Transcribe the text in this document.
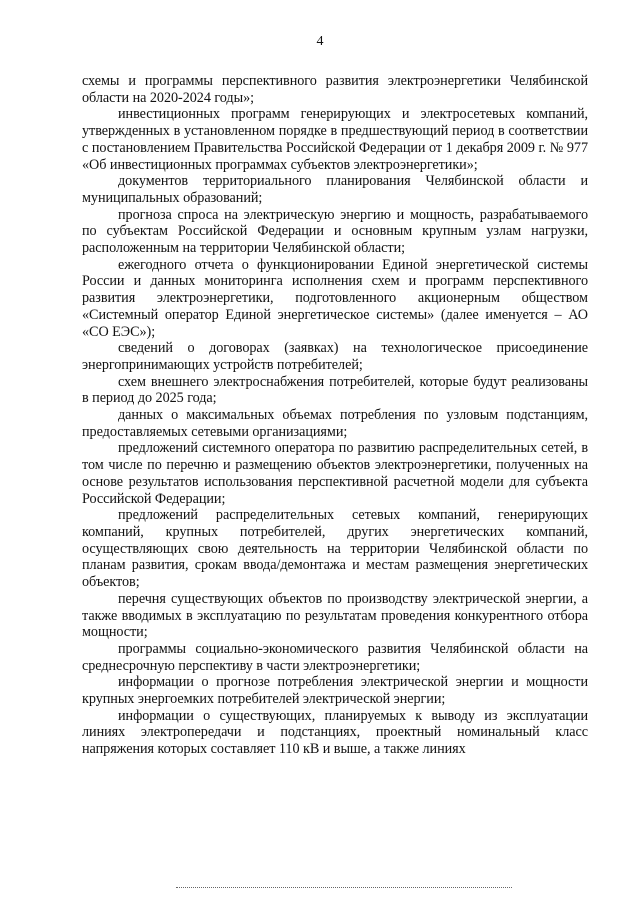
4

схемы и программы перспективного развития электроэнергетики Челябинской области на 2020-2024 годы»;

инвестиционных программ генерирующих и электросетевых компаний, утвержденных в установленном порядке в предшествующий период в соответствии с постановлением Правительства Российской Федерации от 1 декабря 2009 г. № 977 «Об инвестиционных программах субъектов электроэнергетики»;

документов территориального планирования Челябинской области и муниципальных образований;

прогноза спроса на электрическую энергию и мощность, разрабатываемого по субъектам Российской Федерации и основным крупным узлам нагрузки, расположенным на территории Челябинской области;

ежегодного отчета о функционировании Единой энергетической системы России и данных мониторинга исполнения схем и программ перспективного развития электроэнергетики, подготовленного акционерным обществом «Системный оператор Единой энергетическое системы» (далее именуется – АО «СО ЕЭС»);

сведений о договорах (заявках) на технологическое присоединение энергопринимающих устройств потребителей;

схем внешнего электроснабжения потребителей, которые будут реализованы в период до 2025 года;

данных о максимальных объемах потребления по узловым подстанциям, предоставляемых сетевыми организациями;

предложений системного оператора по развитию распределительных сетей, в том числе по перечню и размещению объектов электроэнергетики, полученных на основе результатов использования перспективной расчетной модели для субъекта Российской Федерации;

предложений распределительных сетевых компаний, генерирующих компаний, крупных потребителей, других энергетических компаний, осуществляющих свою деятельность на территории Челябинской области по планам развития, срокам ввода/демонтажа и местам размещения энергетических объектов;

перечня существующих объектов по производству электрической энергии, а также вводимых в эксплуатацию по результатам проведения конкурентного отбора мощности;

программы социально-экономического развития Челябинской области на среднесрочную перспективу в части электроэнергетики;

информации о прогнозе потребления электрической энергии и мощности крупных энергоемких потребителей электрической энергии;

информации о существующих, планируемых к выводу из эксплуатации линиях электропередачи и подстанциях, проектный номинальный класс напряжения которых составляет 110 кВ и выше, а также линиях
